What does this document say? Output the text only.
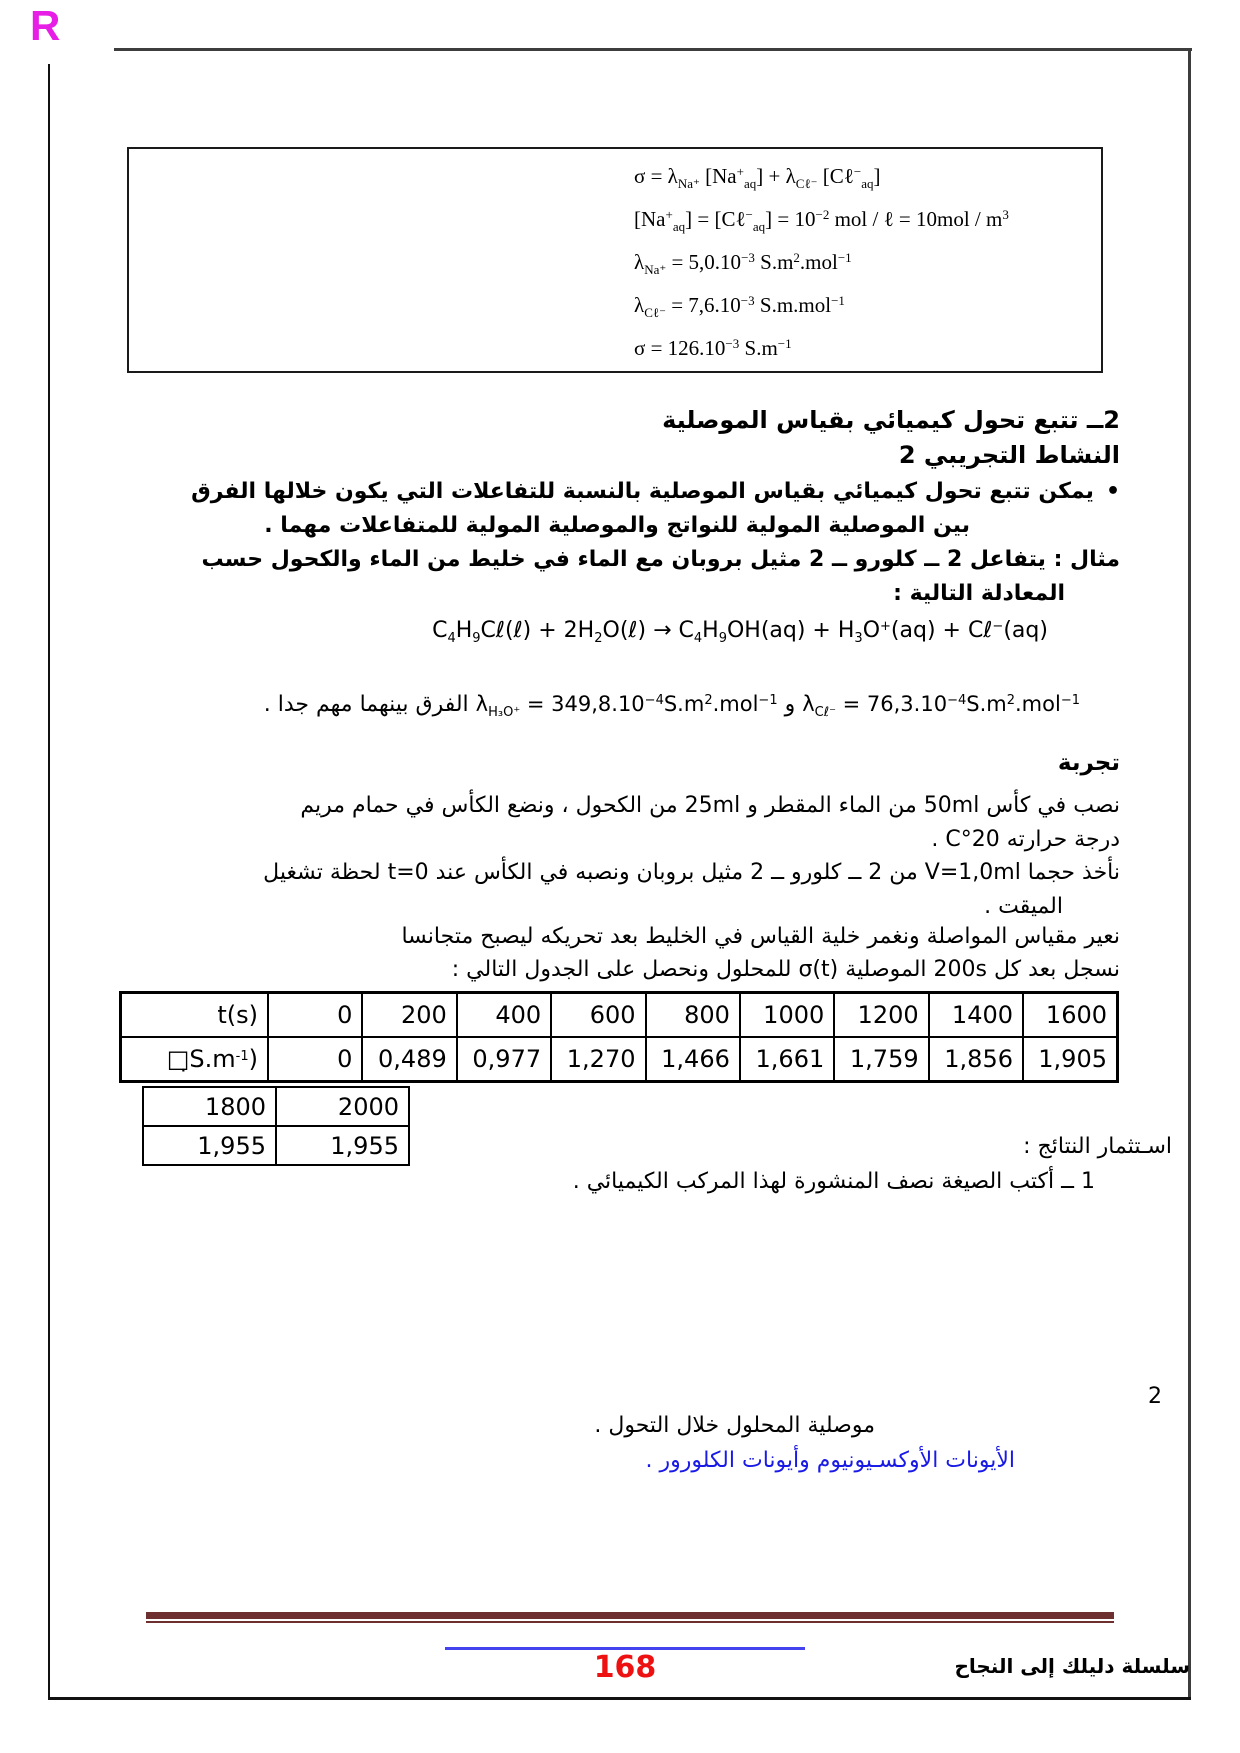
R
$\sigma = \lambda_{Na^+}$ $[Na^+_{aq}] + \lambda_{C\ell^-}$ [Cℓ−$_{aq}$]
$[Na^+_{aq}]$ = [Cℓ−$_{aq}$] = $10^{-2}$ mol / ℓ = $10mol / m^3$
$\lambda_{Na^+} = 5,0.10^{-3}$ $S.m^2.mol^{-1}$
$\lambda_{C\ell^-} = 7,6.10^{-3}$ S.m.mol$^{-1}$
$\sigma = 126.10^{-3}$ $S.m^{-1}$
2ــ تتبع تحول كيميائي بقياس الموصلية
النشاط التجريبي 2
•يمكن تتبع تحول كيميائي بقياس الموصلية بالنسبة للتفاعلات التي يكون خلالها الفرق
بين الموصلية المولية للنواتج والموصلية المولية للمتفاعلات مهما .
مثال : يتفاعل 2 ــ كلورو ــ 2 مثيل بروبان مع الماء في خليط من الماء والكحول حسب
المعادلة التالية :
$C_4H_9C\ell(\ell)$ + $2H_2O(\ell) \to C_4H_9OH(aq) + H_3O^+(aq)$ + Cℓ−(aq)
$\lambda_{C\ell^-} = 76,3.10^{-4}S.m^2.mol^{-1}$ و $\lambda_{H_3O^+} = 349,8.10^{-4}S.m^2.mol^{-1}$ الفرق بينهما مهم جدا .
تجربة
نصب في كأس 50ml من الماء المقطر و 25ml من الكحول ، ونضع الكأس في حمام مريم
درجة حرارته 20°C .
نأخذ حجما V=1,0ml من 2 ــ كلورو ــ 2 مثيل بروبان ونصبه في الكأس عند t=0 لحظة تشغيل
الميقت .
نعير مقياس المواصلة ونغمر خلية القياس في الخليط بعد تحريكه ليصبح متجانسا
نسجل بعد كل 200s الموصلية σ(t) للمحلول ونحصل على الجدول التالي :
t(s)	0	200	400	600	800	1000	1200	1400	1600
$□̣S.m^{-1}$)	0	0,489	0,977	1,270	1,466	1,661	1,759	1,856	1,905
1800	2000
1,955	1,955	اسـتثمار النتائج :
1 ــ أكتب الصيغة نصف المنشورة لهذا المركب الكيميائي .
2
موصلية المحلول خلال التحول .
الأيونات الأوكسـيونيوم وأيونات الكلورور .
168	سلسلة دليلك إلى النجاح
